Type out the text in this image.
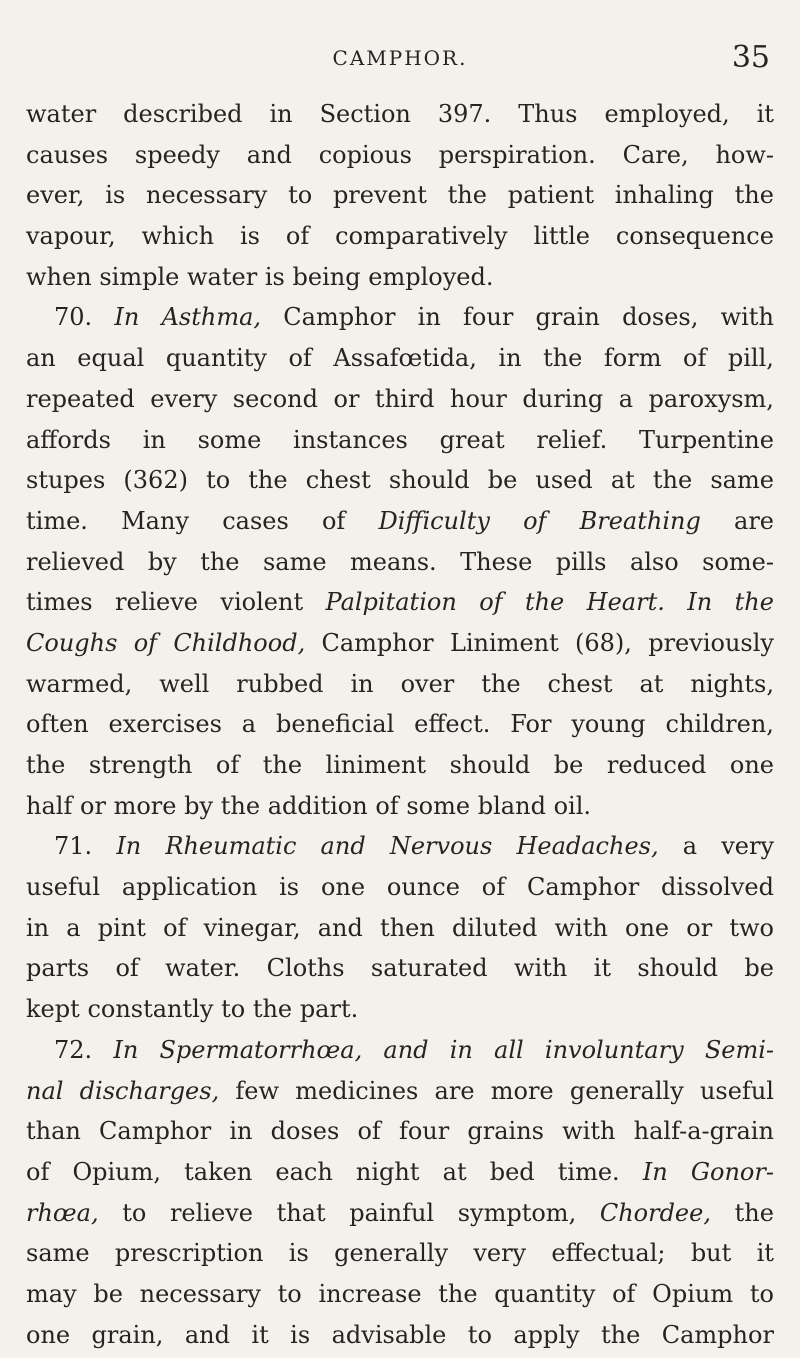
CAMPHOR.	35
water described in Section 397. Thus employed, it
causes speedy and copious perspiration. Care, how-
ever, is necessary to prevent the patient inhaling the
vapour, which is of comparatively little consequence
when simple water is being employed.
70. In Asthma, Camphor in four grain doses, with
an equal quantity of Assafœtida, in the form of pill,
repeated every second or third hour during a paroxysm,
affords in some instances great relief. Turpentine
stupes (362) to the chest should be used at the same
time. Many cases of Difficulty of Breathing are
relieved by the same means. These pills also some-
times relieve violent Palpitation of the Heart. In the
Coughs of Childhood, Camphor Liniment (68), previously
warmed, well rubbed in over the chest at nights,
often exercises a beneficial effect. For young children,
the strength of the liniment should be reduced one
half or more by the addition of some bland oil.
71. In Rheumatic and Nervous Headaches, a very
useful application is one ounce of Camphor dissolved
in a pint of vinegar, and then diluted with one or two
parts of water. Cloths saturated with it should be
kept constantly to the part.
72. In Spermatorrhœa, and in all involuntary Semi-
nal discharges, few medicines are more generally useful
than Camphor in doses of four grains with half-a-grain
of Opium, taken each night at bed time. In Gonor-
rhœa, to relieve that painful symptom, Chordee, the
same prescription is generally very effectual; but it
may be necessary to increase the quantity of Opium to
one grain, and it is advisable to apply the Camphor
